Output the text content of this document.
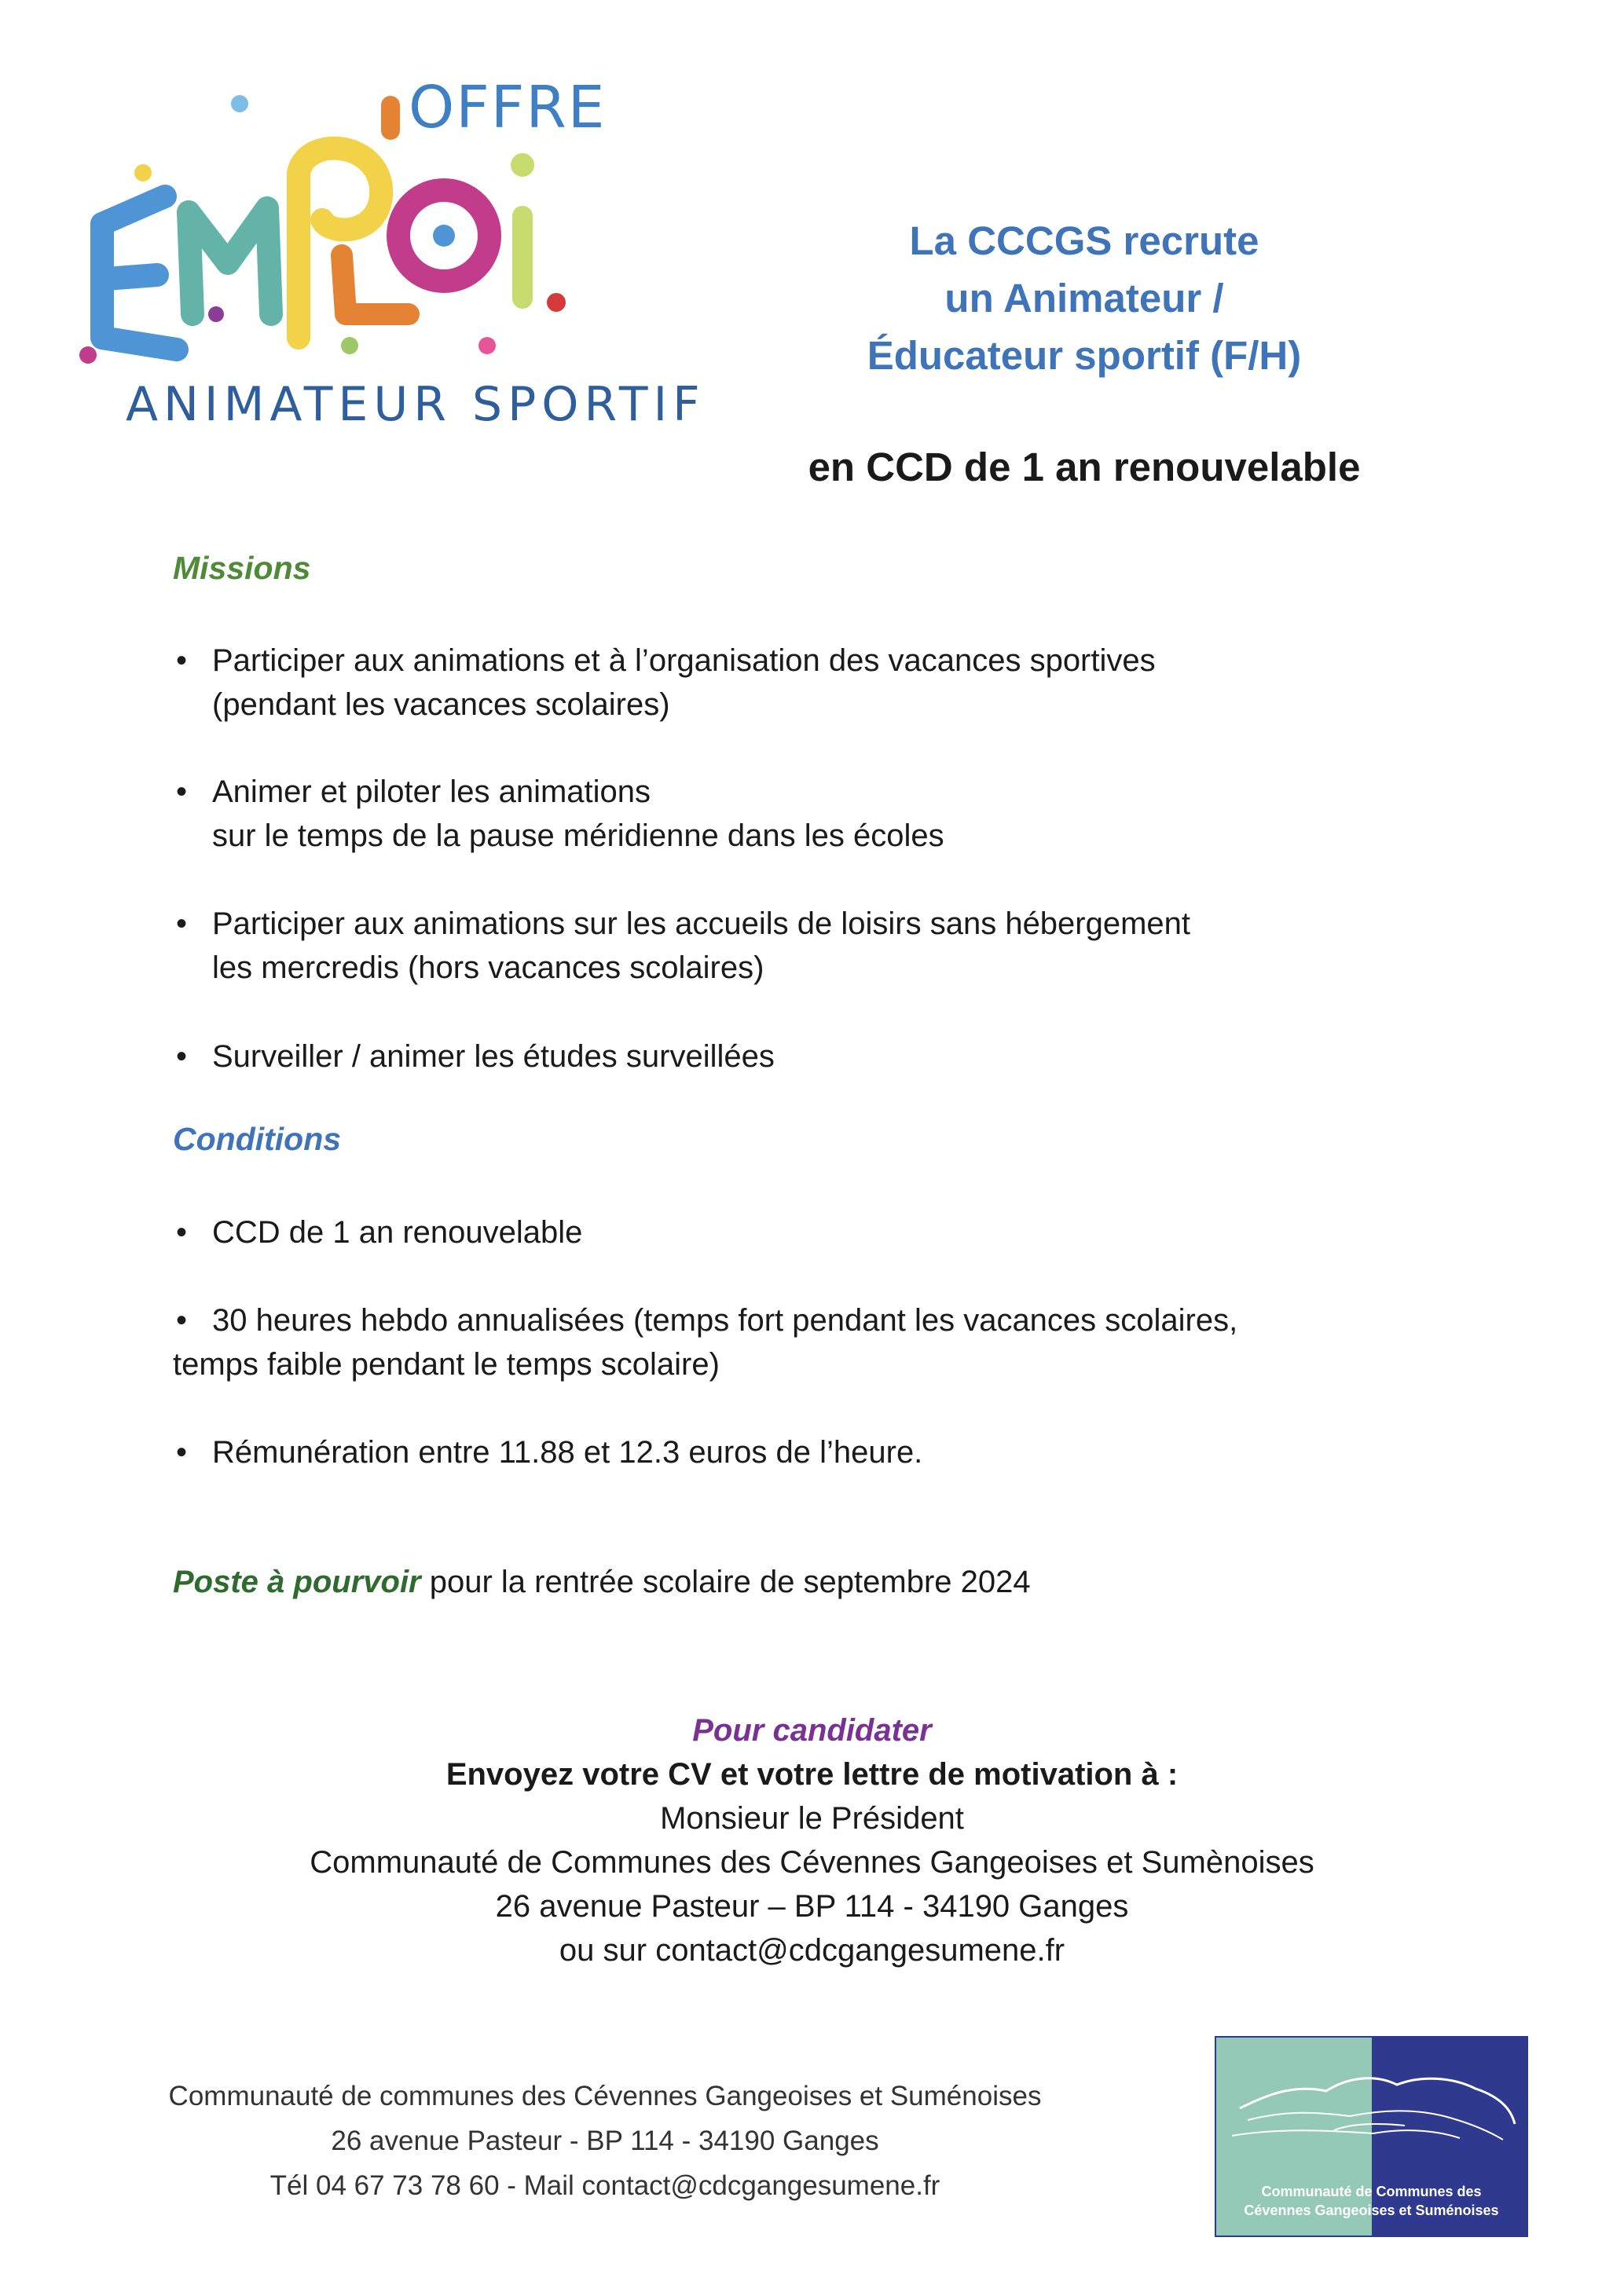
OFFRE
ANIMATEUR SPORTIF
La CCCGS recrute
un Animateur /
Éducateur sportif (F/H)
en CCD de 1 an renouvelable
Missions
• Participer aux animations et à l’organisation des vacances sportives
(pendant les vacances scolaires)
• Animer et piloter les animations
sur le temps de la pause méridienne dans les écoles
• Participer aux animations sur les accueils de loisirs sans hébergement
les mercredis (hors vacances scolaires)
• Surveiller / animer les études surveillées
Conditions
• CCD de 1 an renouvelable
• 30 heures hebdo annualisées (temps fort pendant les vacances scolaires,
temps faible pendant le temps scolaire)
• Rémunération entre 11.88 et 12.3 euros de l’heure.
Poste à pourvoir pour la rentrée scolaire de septembre 2024
Pour candidater
Envoyez votre CV et votre lettre de motivation à :
Monsieur le Président
Communauté de Communes des Cévennes Gangeoises et Sumènoises
26 avenue Pasteur – BP 114 - 34190 Ganges
ou sur contact@cdcgangesumene.fr
Communauté de communes des Cévennes Gangeoises et Suménoises
26 avenue Pasteur - BP 114 - 34190 Ganges
Tél 04 67 73 78 60 - Mail contact@cdcgangesumene.fr	Communauté de Communes des
Cévennes Gangeoises et Suménoises
